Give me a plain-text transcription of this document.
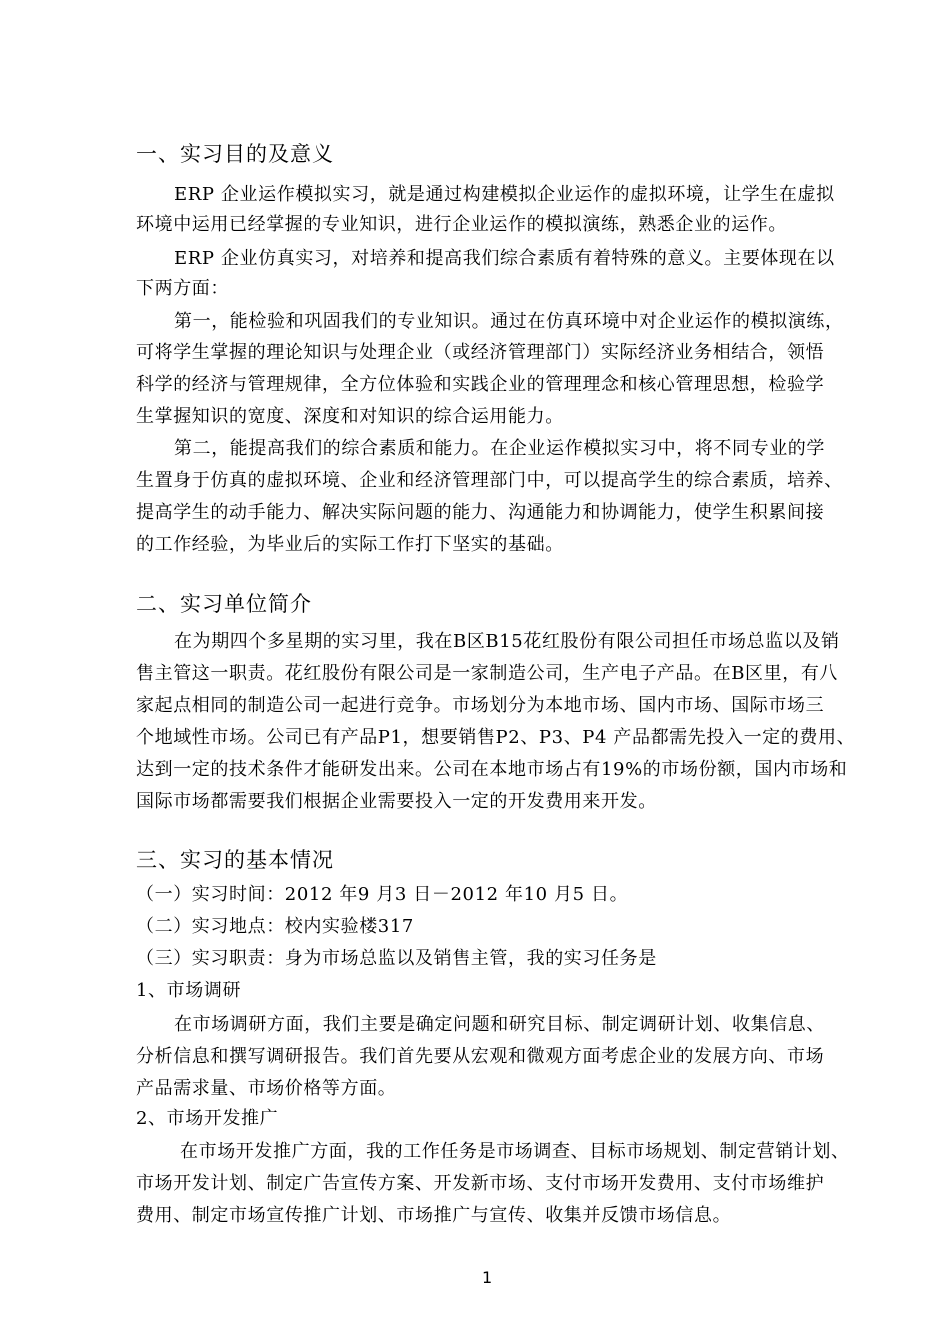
一、实习目的及意义
ERP 企业运作模拟实习，就是通过构建模拟企业运作的虚拟环境，让学生在虚拟
环境中运用已经掌握的专业知识，进行企业运作的模拟演练，熟悉企业的运作。
ERP 企业仿真实习，对培养和提高我们综合素质有着特殊的意义。主要体现在以
下两方面：
第一，能检验和巩固我们的专业知识。通过在仿真环境中对企业运作的模拟演练，
可将学生掌握的理论知识与处理企业（或经济管理部门）实际经济业务相结合，领悟
科学的经济与管理规律，全方位体验和实践企业的管理理念和核心管理思想，检验学
生掌握知识的宽度、深度和对知识的综合运用能力。
第二，能提高我们的综合素质和能力。在企业运作模拟实习中，将不同专业的学
生置身于仿真的虚拟环境、企业和经济管理部门中，可以提高学生的综合素质，培养、
提高学生的动手能力、解决实际问题的能力、沟通能力和协调能力，使学生积累间接
的工作经验，为毕业后的实际工作打下坚实的基础。
二、实习单位简介
在为期四个多星期的实习里，我在B区B15花红股份有限公司担任市场总监以及销
售主管这一职责。花红股份有限公司是一家制造公司，生产电子产品。在B区里，有八
家起点相同的制造公司一起进行竞争。市场划分为本地市场、国内市场、国际市场三
个地域性市场。公司已有产品P1，想要销售P2、P3、P4 产品都需先投入一定的费用、
达到一定的技术条件才能研发出来。公司在本地市场占有19%的市场份额，国内市场和
国际市场都需要我们根据企业需要投入一定的开发费用来开发。
三、实习的基本情况
（一）实习时间：2012 年9 月3 日－2012 年10 月5 日。
（二）实习地点：校内实验楼317
（三）实习职责：身为市场总监以及销售主管，我的实习任务是
1、市场调研
在市场调研方面，我们主要是确定问题和研究目标、制定调研计划、收集信息、
分析信息和撰写调研报告。我们首先要从宏观和微观方面考虑企业的发展方向、市场
产品需求量、市场价格等方面。
2、市场开发推广
在市场开发推广方面，我的工作任务是市场调查、目标市场规划、制定营销计划、
市场开发计划、制定广告宣传方案、开发新市场、支付市场开发费用、支付市场维护
费用、制定市场宣传推广计划、市场推广与宣传、收集并反馈市场信息。
1
